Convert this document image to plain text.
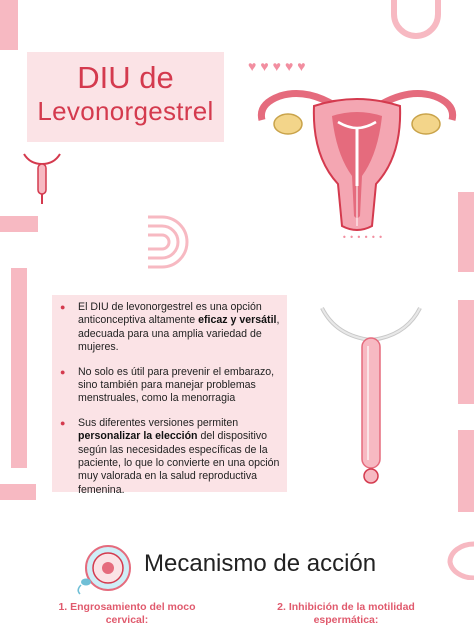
♥♥♥♥♥
DIU de
Levonorgestrel
• • • • • •
● El DIU de levonorgestrel es una opción anticonceptiva altamente eficaz y versátil, adecuada para una amplia variedad de mujeres.
● No solo es útil para prevenir el embarazo, sino también para manejar problemas menstruales, como la menorragia
● Sus diferentes versiones permiten personalizar la elección del dispositivo según las necesidades específicas de la paciente, lo que lo convierte en una opción muy valorada en la salud reproductiva femenina.
Mecanismo de acción
1. Engrosamiento del moco cervical:
2. Inhibición de la motilidad espermática:
